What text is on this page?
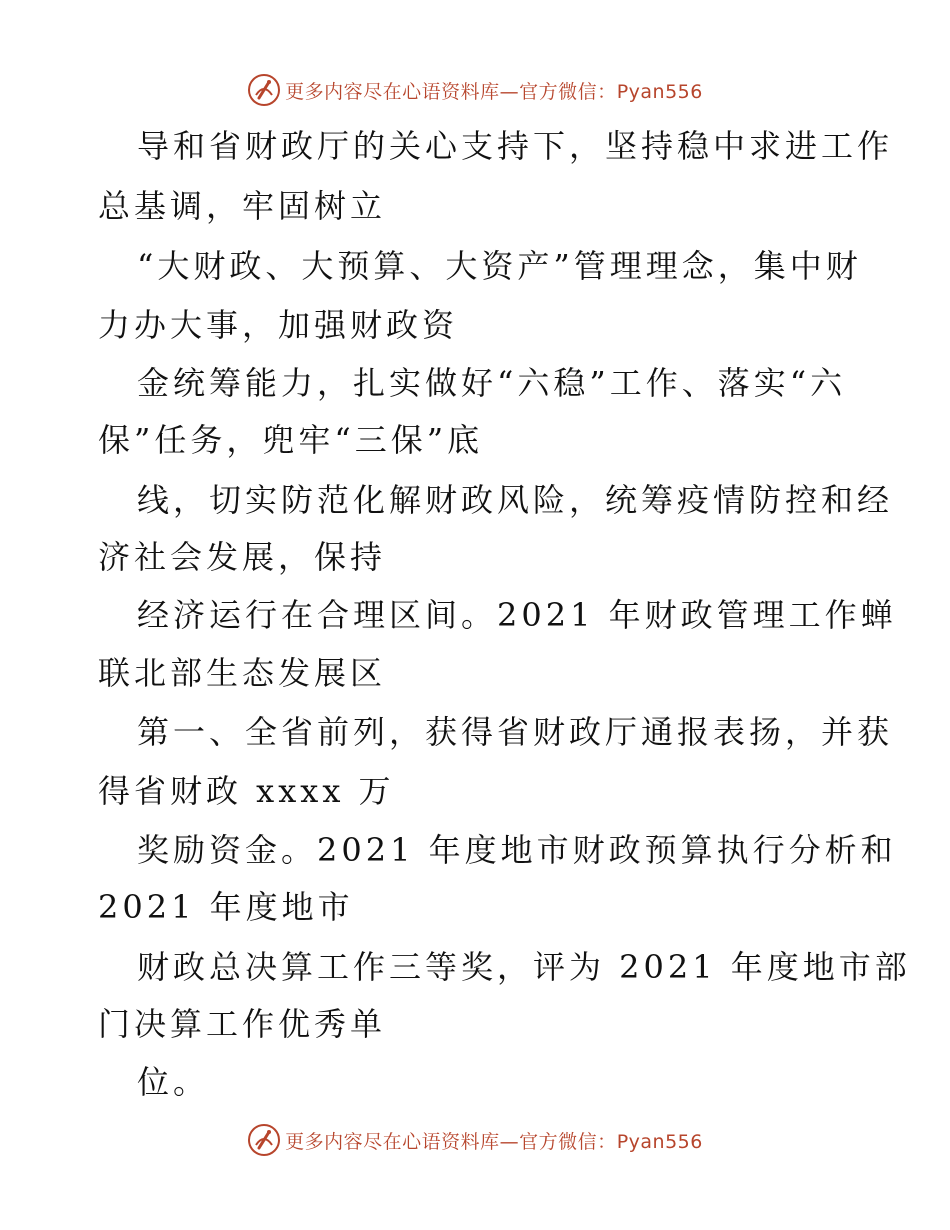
更多内容尽在心语资料库—官方微信：Pyan556
导和省财政厅的关心支持下，坚持稳中求进工作
总基调，牢固树立
“大财政、大预算、大资产”管理理念，集中财
力办大事，加强财政资
金统筹能力，扎实做好“六稳”工作、落实“六
保”任务，兜牢“三保”底
线，切实防范化解财政风险，统筹疫情防控和经
济社会发展，保持
经济运行在合理区间。2021 年财政管理工作蝉
联北部生态发展区
第一、全省前列，获得省财政厅通报表扬，并获
得省财政 xxxx 万
奖励资金。2021 年度地市财政预算执行分析和
2021 年度地市
财政总决算工作三等奖，评为 2021 年度地市部
门决算工作优秀单
位。
更多内容尽在心语资料库—官方微信：Pyan556
